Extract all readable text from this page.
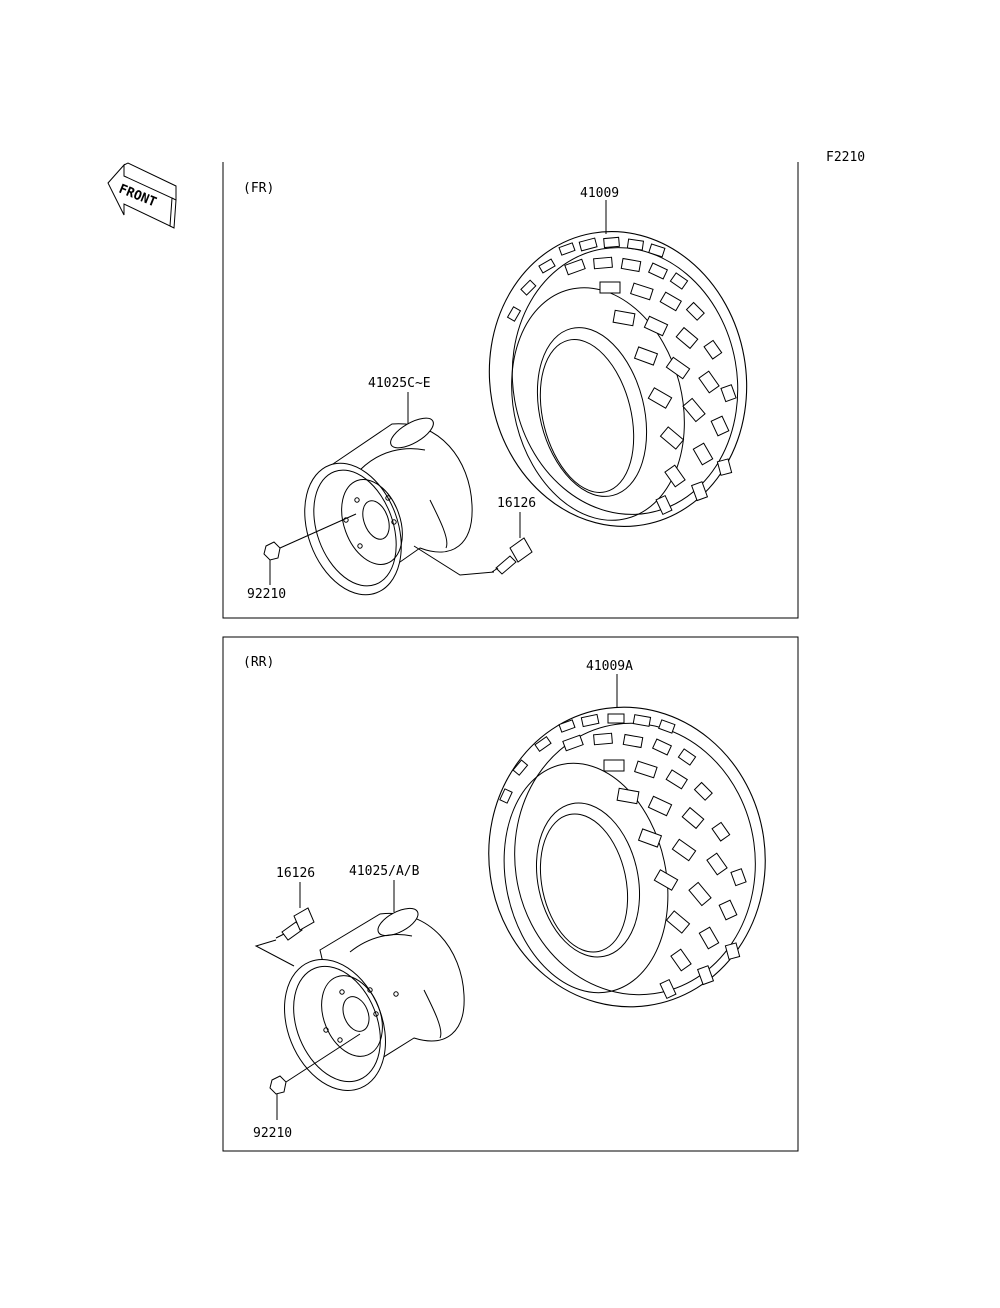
F2210
FRONT	(FR)	41009
41025C~E
16126
92210
(RR)	41009A
41025/A/B
16126
92210
